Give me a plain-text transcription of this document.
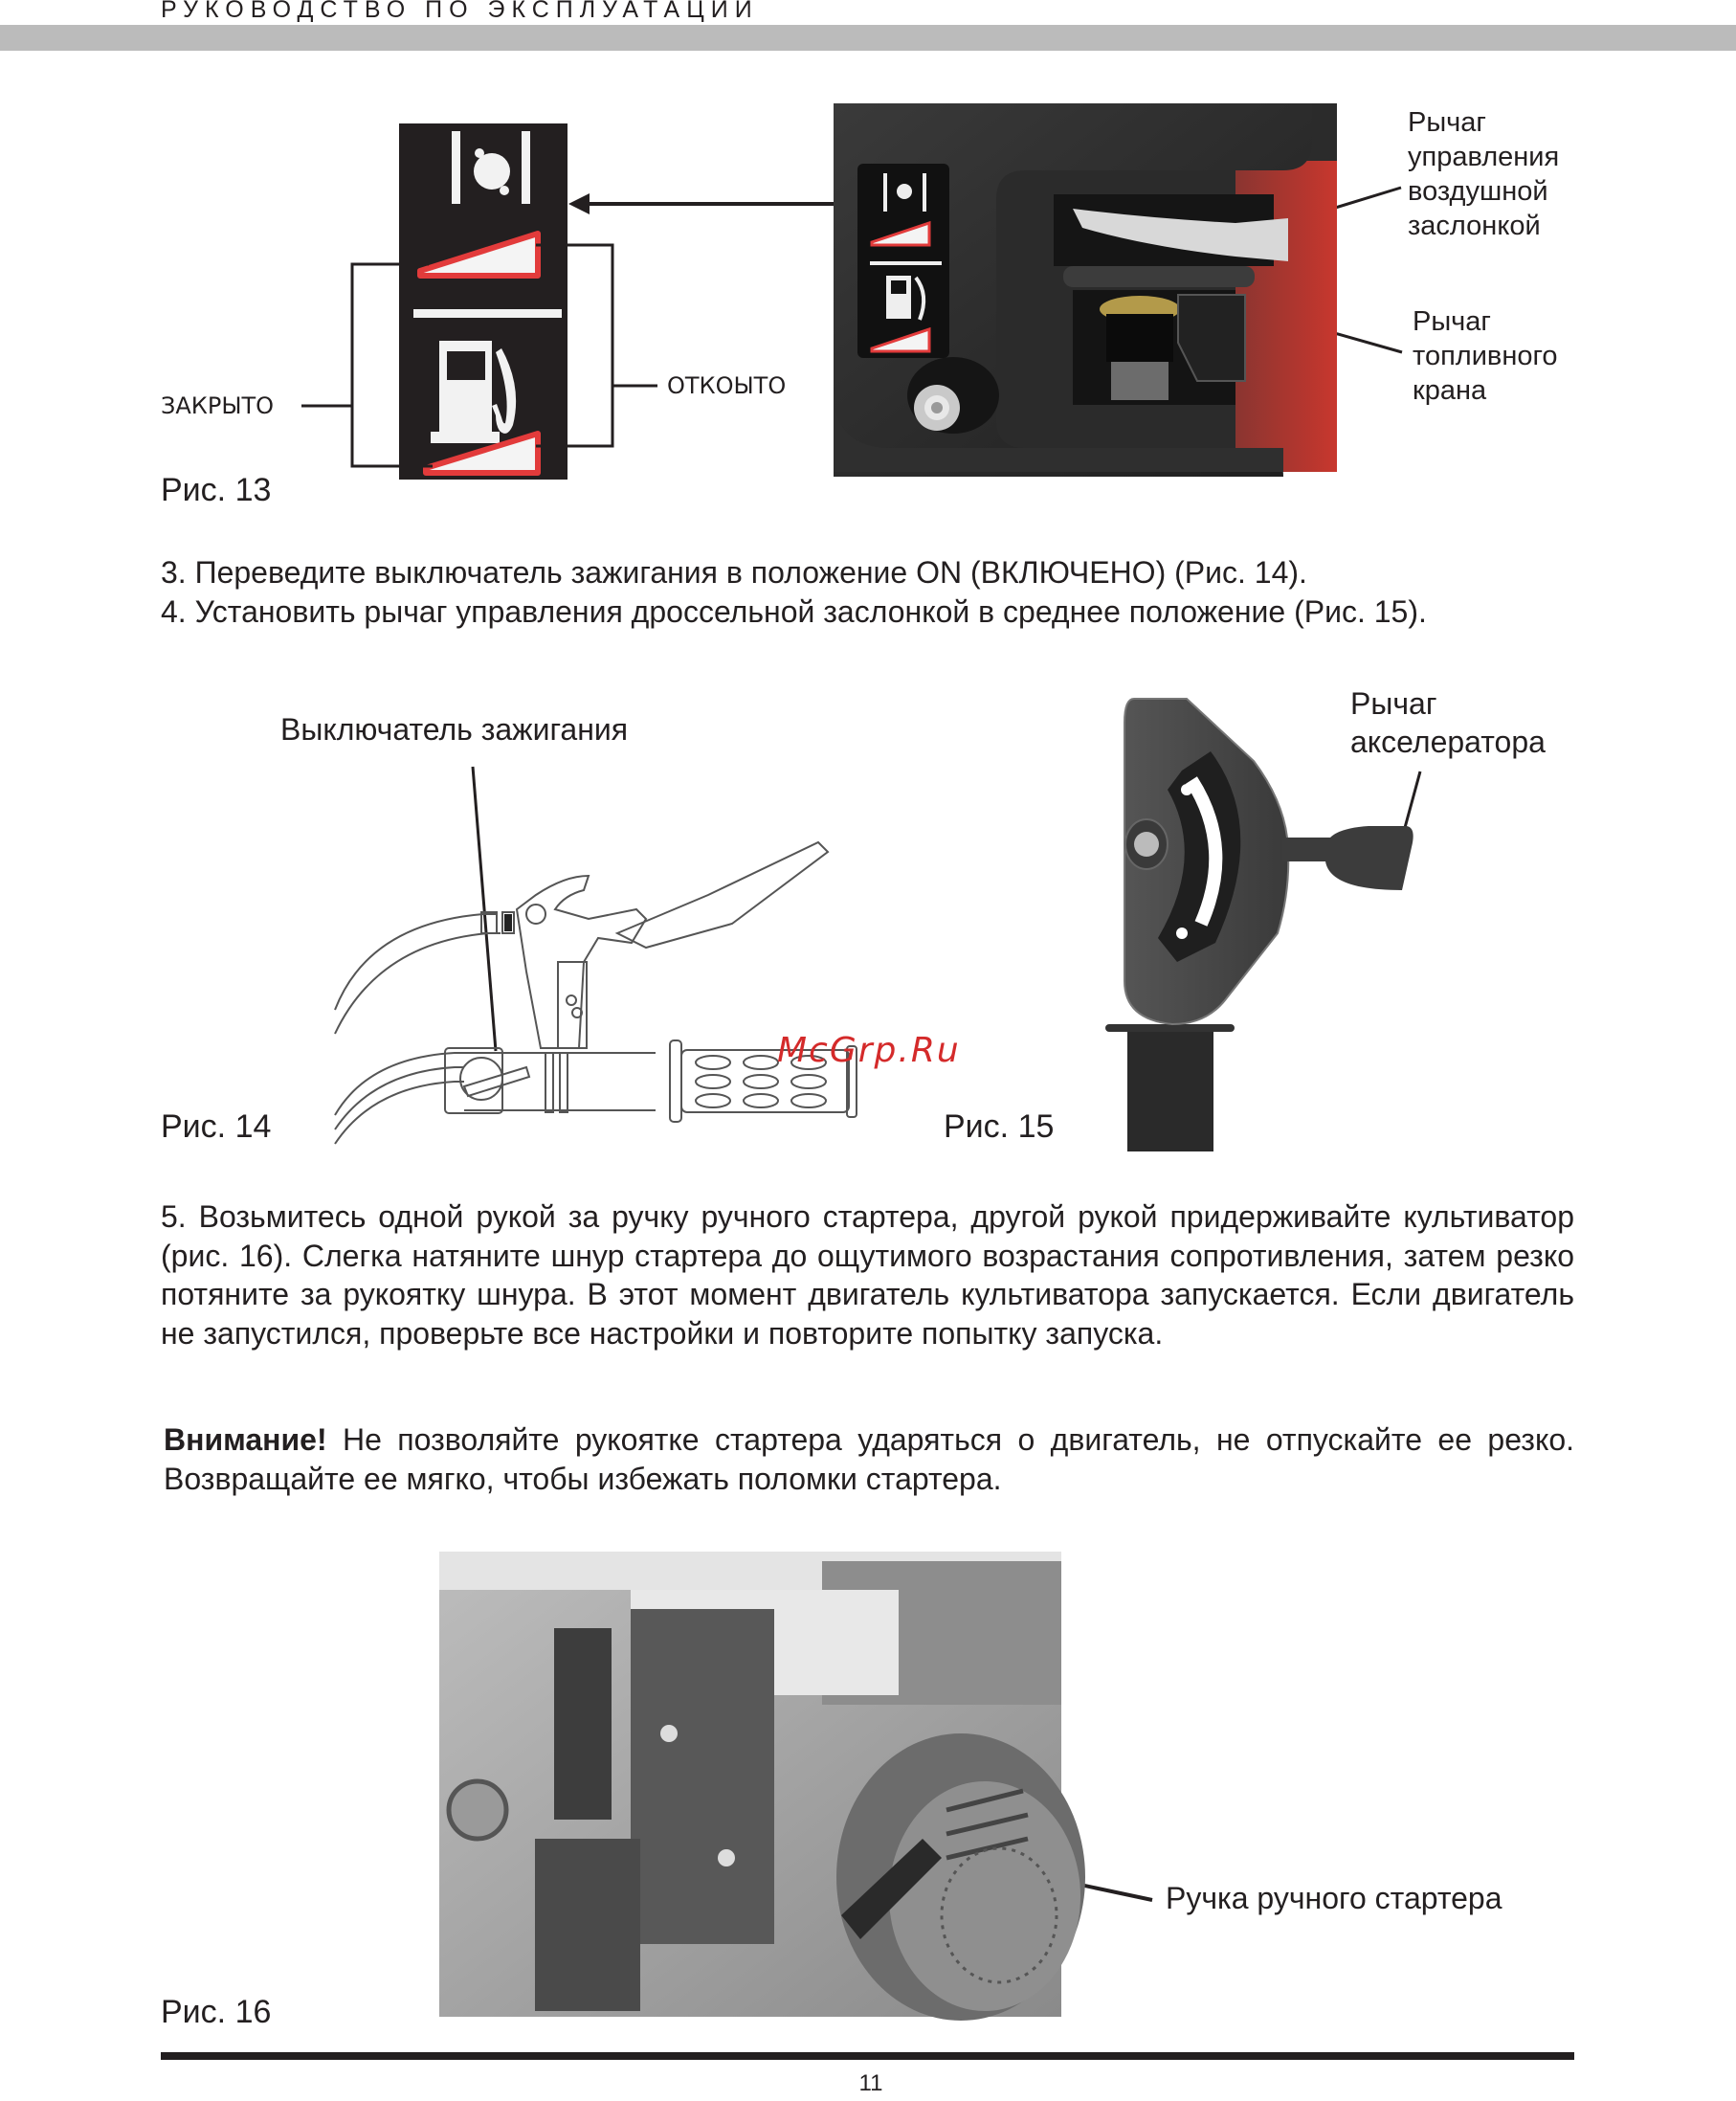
РУКОВОДСТВО ПО ЭКСПЛУАТАЦИИ
ЗАКРЫТО
ОТКОЫТО
Рис. 13
Рычаг
управления
воздушной
заслонкой
Рычаг
топливного
крана
3. Переведите выключатель зажигания в положение ON (ВКЛЮЧЕНО) (Рис. 14).
4. Установить рычаг управления дроссельной заслонкой в среднее положение (Рис. 15).
Выключатель зажигания
Рис. 14
McGrp.Ru
Рычаг
акселератора
Рис. 15
5. Возьмитесь одной рукой за ручку ручного стартера, другой рукой придерживайте культиватор (рис. 16). Слегка натяните шнур стартера до ощутимого возрастания сопротивления, затем резко потяните за рукоятку шнура. В этот момент двигатель культиватора запускается. Если двигатель не запустился, проверьте все настройки и повторите попытку запуска.
Внимание! Не позволяйте рукоятке стартера ударяться о двигатель, не отпускайте ее резко. Возвращайте ее мягко, чтобы избежать поломки стартера.
Ручка ручного стартера
Рис. 16
11
